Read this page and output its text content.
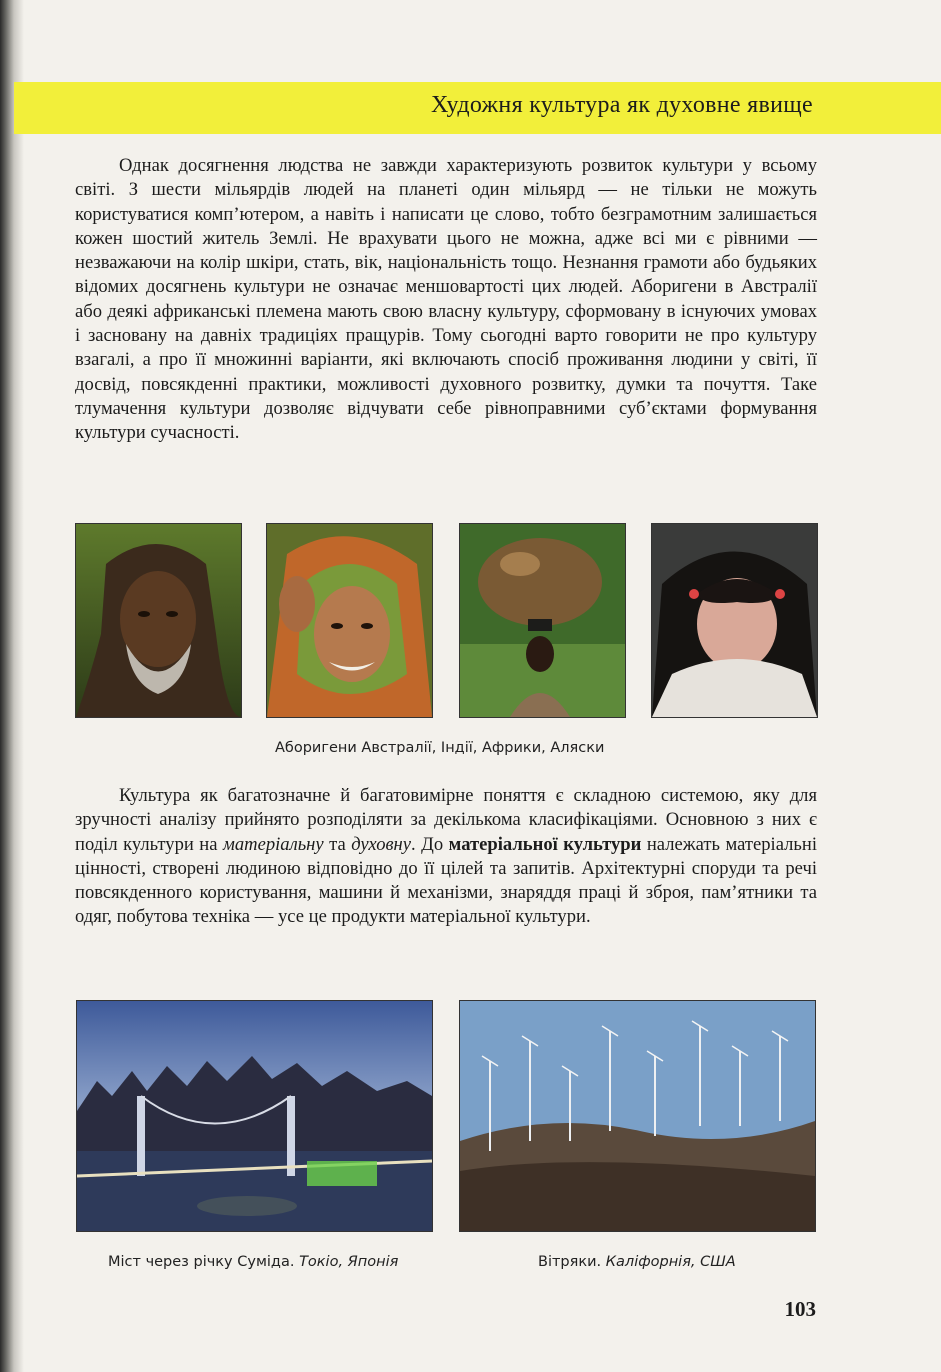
Художня культура як духовне явище

Однак досягнення людства не завжди характеризують розвиток культури у всьому світі. З шести мільярдів людей на планеті один мільярд — не тільки не можуть користуватися комп’ютером, а навіть і написати це слово, тобто безграмотним залишається кожен шостий житель Землі. Не врахувати цього не можна, адже всі ми є рівними — незважаючи на колір шкіри, стать, вік, національність тощо. Незнання грамоти або будьяких відомих досягнень культури не означає меншовартості цих людей. Аборигени в Австралії або деякі африканські племена мають свою власну культуру, сформовану в існуючих умовах і засновану на давніх традиціях пращурів. Тому сьогодні варто говорити не про культуру взагалі, а про її множинні варіанти, які включають спосіб проживання людини у світі, її досвід, повсякденні практики, можливості духовного розвитку, думки та почуття. Таке тлумачення культури дозволяє відчувати себе рівноправними суб’єктами формування культури сучасності.

Аборигени Австралії, Індії, Африки, Аляски

Культура як багатозначне й багатовимірне поняття є складною системою, яку для зручності аналізу прийнято розподіляти за декількома класифікаціями. Основною з них є поділ культури на матеріальну та духовну. До матеріальної культури належать матеріальні цінності, створені людиною відповідно до її цілей та запитів. Архітектурні споруди та речі повсякденного користування, машини й механізми, знаряддя праці й зброя, пам’ятники та одяг, побутова техніка — усе це продукти матеріальної культури.

Міст через річку Суміда. Токіо, Японія	Вітряки. Каліфорнія, США
103
